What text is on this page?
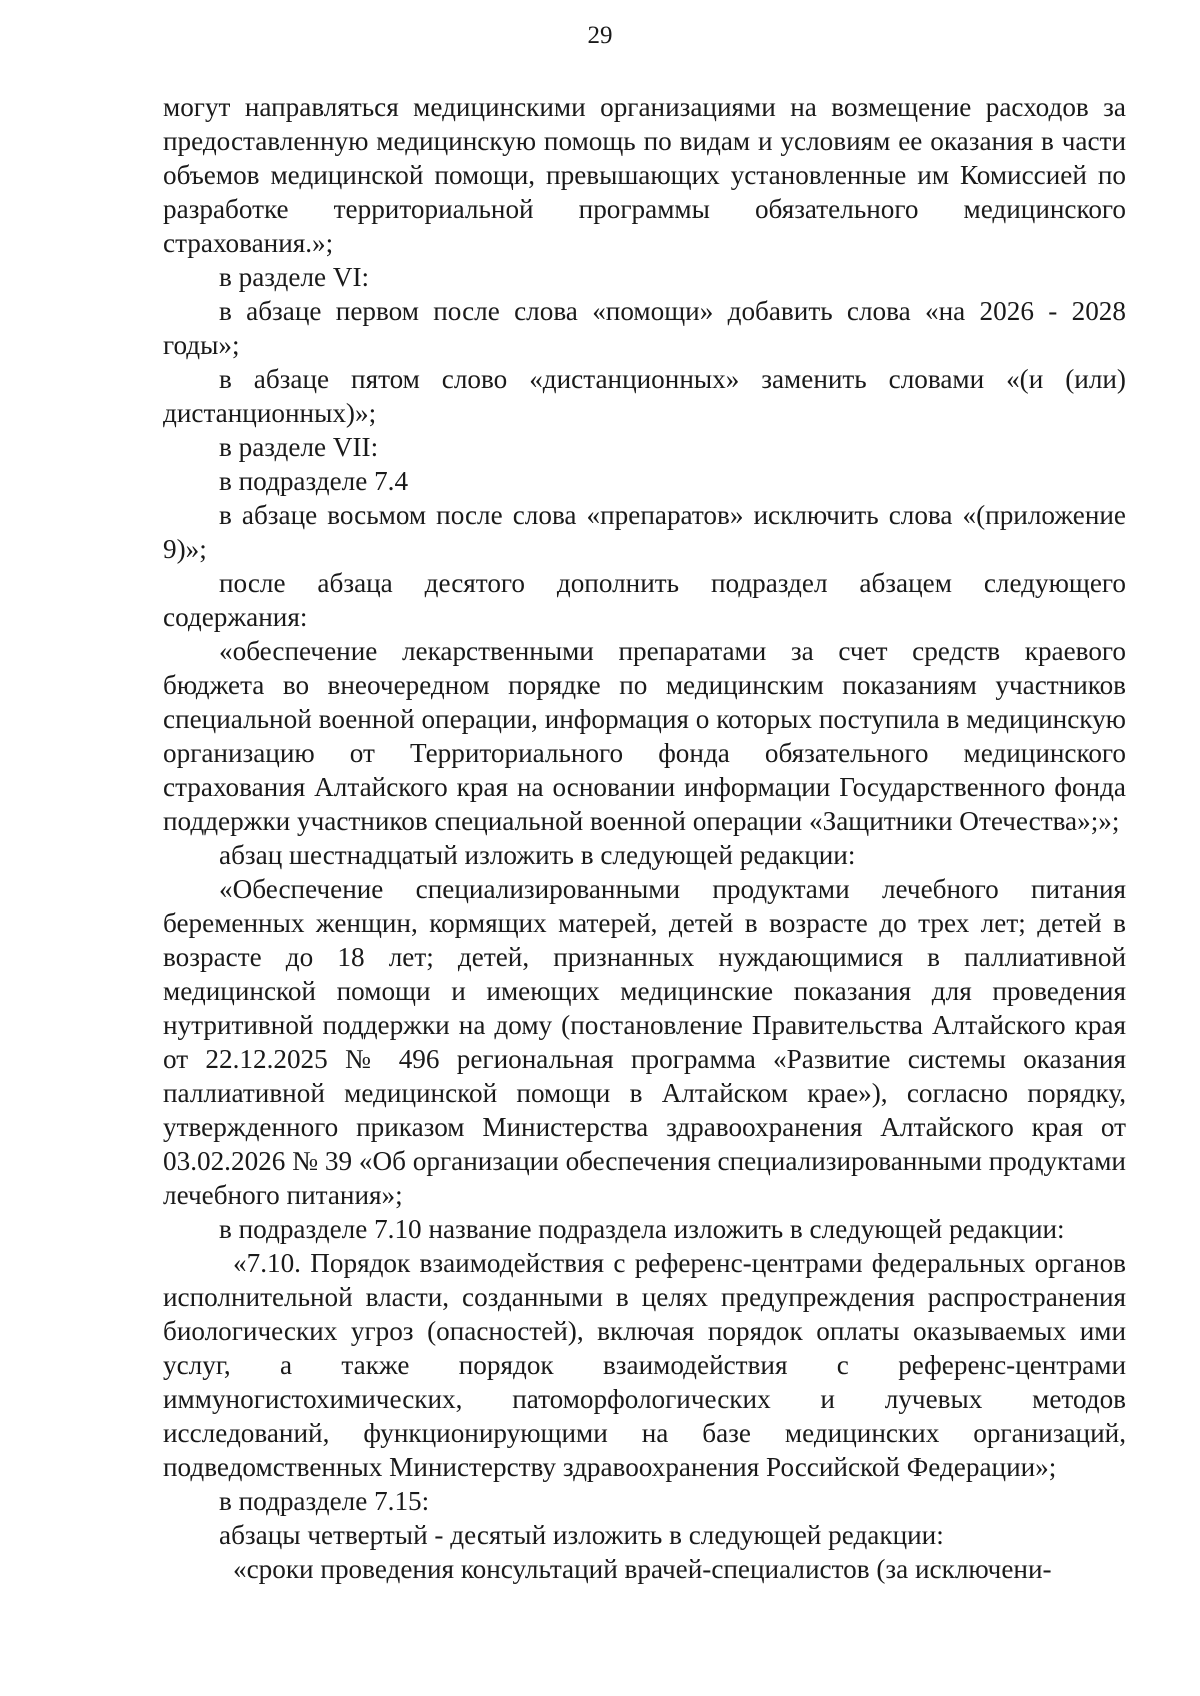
29

могут направляться медицинскими организациями на возмещение расходов за предоставленную медицинскую помощь по видам и условиям ее оказания в части объемов медицинской помощи, превышающих установленные им Комиссией по разработке территориальной программы обязательного медицинского страхования.»;

в разделе VI:

в абзаце первом после слова «помощи» добавить слова «на 2026 - 2028 годы»;

в абзаце пятом слово «дистанционных» заменить словами «(и (или) дистанционных)»;

в разделе VII:

в подразделе 7.4

в абзаце восьмом после слова «препаратов» исключить слова «(приложение 9)»;

после абзаца десятого дополнить подраздел абзацем следующего содержания:

«обеспечение лекарственными препаратами за счет средств краевого бюджета во внеочередном порядке по медицинским показаниям участников специальной военной операции, информация о которых поступила в медицинскую организацию от Территориального фонда обязательного медицинского страхования Алтайского края на основании информации Государственного фонда поддержки участников специальной военной операции «Защитники Отечества»;»;

абзац шестнадцатый изложить в следующей редакции:

«Обеспечение специализированными продуктами лечебного питания беременных женщин, кормящих матерей, детей в возрасте до трех лет; детей в возрасте до 18 лет; детей, признанных нуждающимися в паллиативной медицинской помощи и имеющих медицинские показания для проведения нутритивной поддержки на дому (постановление Правительства Алтайского края от 22.12.2025 № 496 региональная программа «Развитие системы оказания паллиативной медицинской помощи в Алтайском крае»), согласно порядку, утвержденного приказом Министерства здравоохранения Алтайского края от 03.02.2026 № 39 «Об организации обеспечения специализированными продуктами лечебного питания»;

в подразделе 7.10 название подраздела изложить в следующей редакции:

«7.10. Порядок взаимодействия с референс-центрами федеральных органов исполнительной власти, созданными в целях предупреждения распространения биологических угроз (опасностей), включая порядок оплаты оказываемых ими услуг, а также порядок взаимодействия с референс-центрами иммуногистохимических, патоморфологических и лучевых методов исследований, функционирующими на базе медицинских организаций, подведомственных Министерству здравоохранения Российской Федерации»;

в подразделе 7.15:

абзацы четвертый - десятый изложить в следующей редакции:

«сроки проведения консультаций врачей-специалистов (за исключени-
